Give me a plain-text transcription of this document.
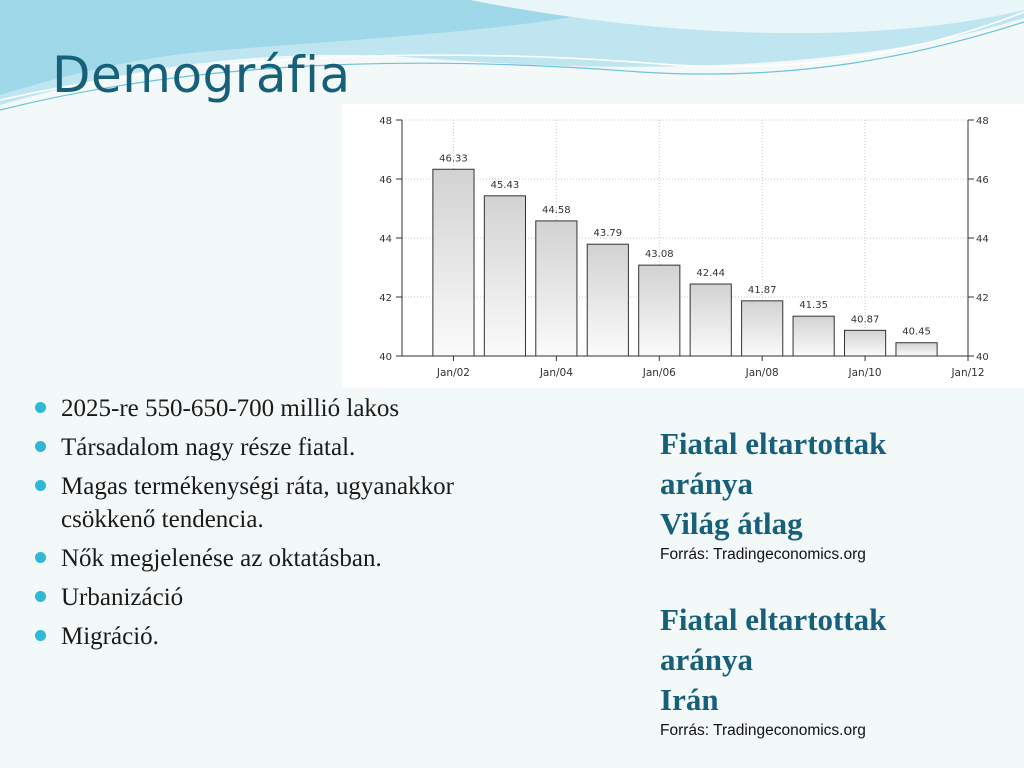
Demográfia
40	40
42	42
44	44
46	46
48	48
Jan/02	Jan/04	Jan/06	Jan/08	Jan/10	Jan/12
46.33
45.43
44.58
43.79
43.08
42.44
41.87
41.35
40.87
40.45
2025-re 550-650-700 millió lakos
Társadalom nagy része fiatal.
Magas termékenységi ráta, ugyanakkor csökkenő tendencia.
Nők megjelenése az oktatásban.
Urbanizáció
Migráció.
Fiatal eltartottak
aránya
Világ átlag
Forrás: Tradingeconomics.org
Fiatal eltartottak
aránya
Irán
Forrás: Tradingeconomics.org
